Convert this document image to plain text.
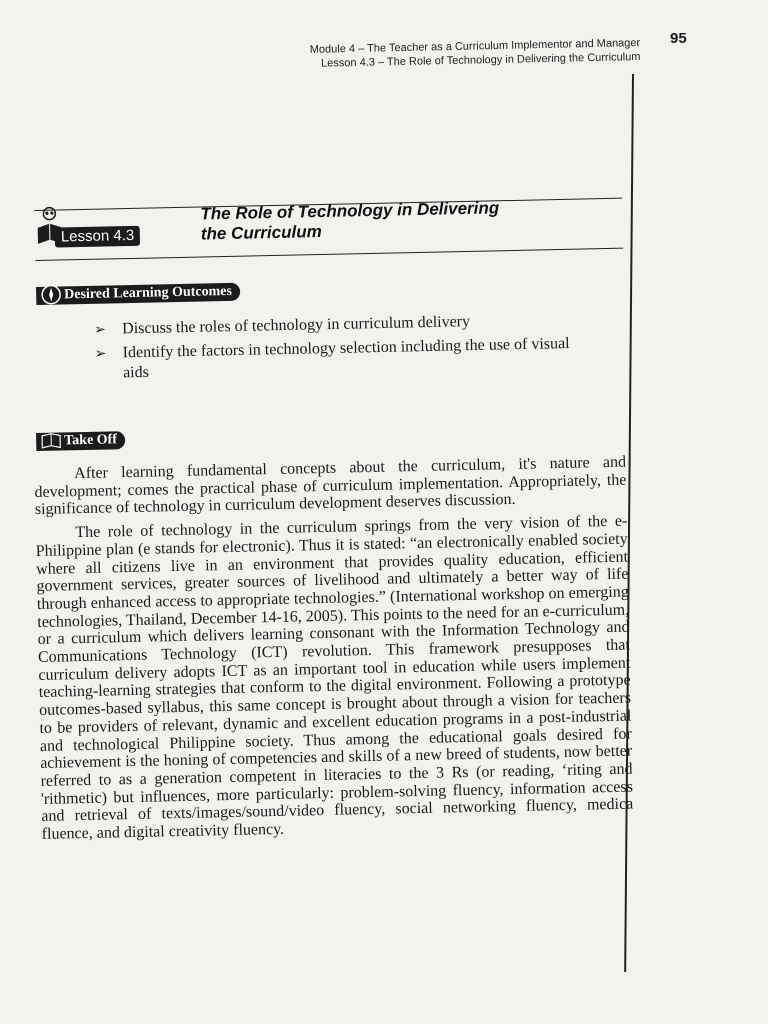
Module 4 – The Teacher as a Curriculum Implementor and Manager
Lesson 4.3 – The Role of Technology in Delivering the Curriculum
95
Lesson 4.3
The Role of Technology in Delivering
the Curriculum
Desired Learning Outcomes
➢ Discuss the roles of technology in curriculum delivery
➢ Identify the factors in technology selection including the use of visual aids
Take Off

After learning fundamental concepts about the curriculum, it's nature and development; comes the practical phase of curriculum implementation. Appropriately, the significance of technology in curriculum development deserves discussion.

The role of technology in the curriculum springs from the very vision of the e-Philippine plan (e stands for electronic). Thus it is stated: “an electronically enabled society where all citizens live in an environment that provides quality education, efficient government services, greater sources of livelihood and ultimately a better way of life through enhanced access to appropriate technologies.” (International workshop on emerging technologies, Thailand, December 14-16, 2005). This points to the need for an e-curriculum, or a curriculum which delivers learning consonant with the Information Technology and Communications Technology (ICT) revolution. This framework presupposes that curriculum delivery adopts ICT as an important tool in education while users implement teaching-learning strategies that conform to the digital environment. Following a prototype outcomes-based syllabus, this same concept is brought about through a vision for teachers to be providers of relevant, dynamic and excellent education programs in a post-industrial and technological Philippine society. Thus among the educational goals desired for achievement is the honing of competencies and skills of a new breed of students, now better referred to as a generation competent in literacies to the 3 Rs (or reading, ‘riting and 'rithmetic) but influences, more particularly: problem-solving fluency, information access and retrieval of texts/images/sound/video fluency, social networking fluency, medica fluence, and digital creativity fluency.
